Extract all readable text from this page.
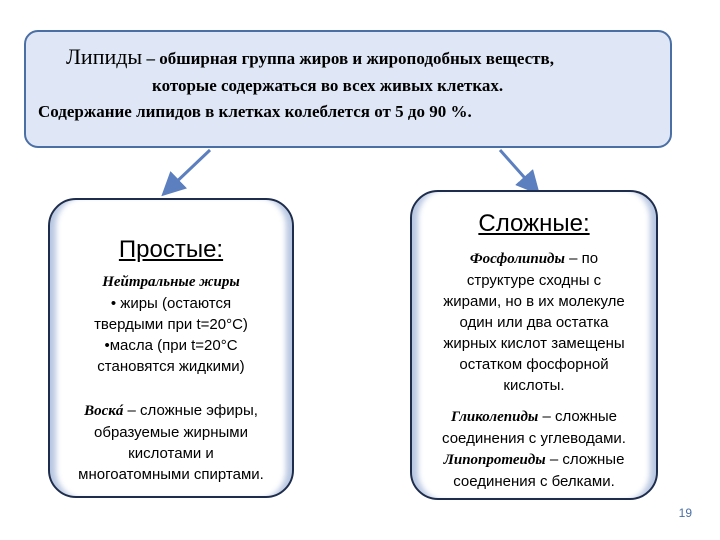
Липиды – обширная группа жиров и жироподобных веществ,
которые содержаться во всех живых клетках.
Содержание липидов в клетках колеблется от 5 до 90 %.
Простые:
Нейтральные жиры
• жиры (остаются
твердыми при t=20°C)
•масла (при t=20°C
становятся жидкими)
Воскá – сложные эфиры,
образуемые жирными
кислотами и
многоатомными спиртами.
Сложные:
Фосфолипиды – по
структуре сходны с
жирами, но в их молекуле
один или два остатка
жирных кислот замещены
остатком фосфорной
кислоты.
Гликолепиды – сложные
соединения с углеводами.
Липопротеиды – сложные
соединения с белками.
19
